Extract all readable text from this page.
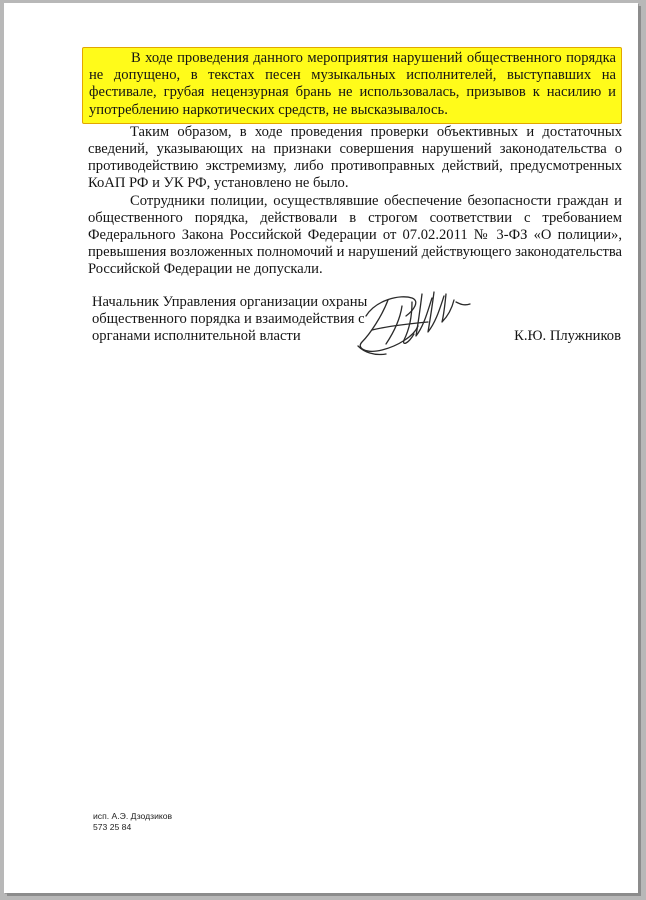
В ходе проведения данного мероприятия нарушений общественного порядка не допущено, в текстах песен музыкальных исполнителей, выступавших на фестивале, грубая нецензурная брань не использовалась, призывов к насилию и употреблению наркотических средств, не высказывалось.

Таким образом, в ходе проведения проверки объективных и достаточных сведений, указывающих на признаки совершения нарушений законодательства о противодействию экстремизму, либо противоправных действий, предусмотренных КоАП РФ и УК РФ, установлено не было.

Сотрудники полиции, осуществлявшие обеспечение безопасности граждан и общественного порядка, действовали в строгом соответствии с требованием Федерального Закона Российской Федерации от 07.02.2011 № 3-ФЗ «О полиции», превышения возложенных полномочий и нарушений действующего законодательства Российской Федерации не допускали.

Начальник Управления организации охраны общественного порядка и взаимодействия с органами исполнительной власти	К.Ю. Плужников
исп. А.Э. Дзодзиков
573 25 84
